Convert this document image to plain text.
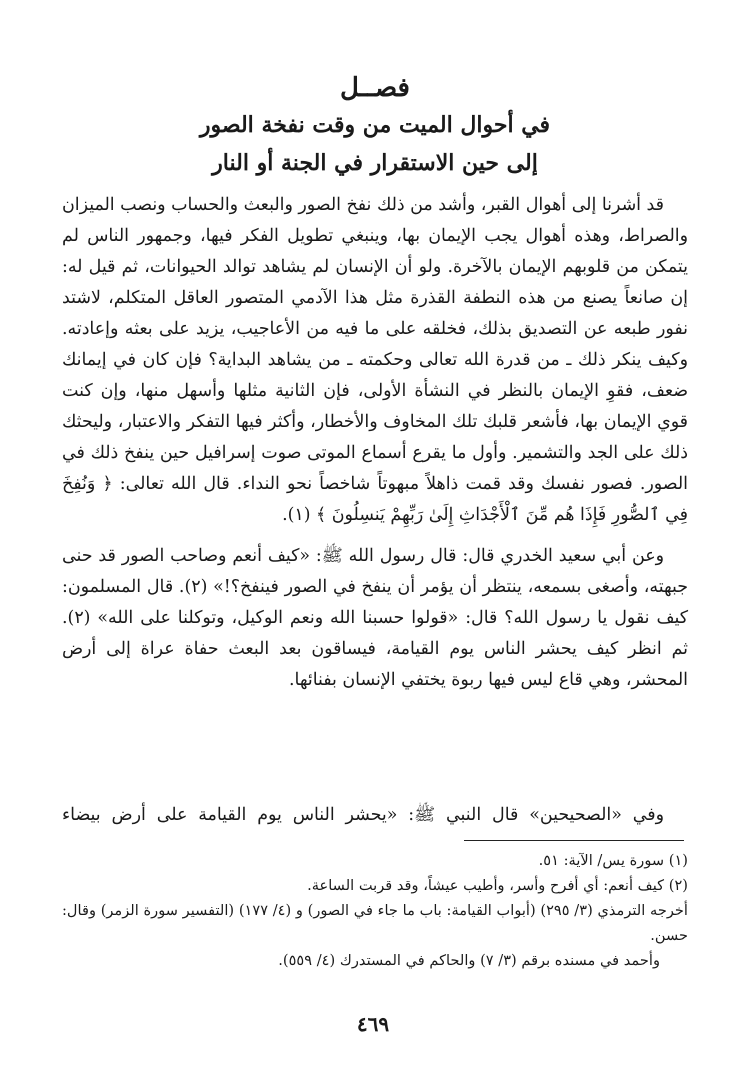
فصــل

في أحوال الميت من وقت نفخة الصور

إلى حين الاستقرار في الجنة أو النار

قد أشرنا إلى أهوال القبر، وأشد من ذلك نفخ الصور والبعث والحساب ونصب الميزان والصراط، وهذه أهوال يجب الإيمان بها، وينبغي تطويل الفكر فيها، وجمهور الناس لم يتمكن من قلوبهم الإيمان بالآخرة. ولو أن الإنسان لم يشاهد توالد الحيوانات، ثم قيل له: إن صانعاً يصنع من هذه النطفة القذرة مثل هذا الآدمي المتصور العاقل المتكلم، لاشتد نفور طبعه عن التصديق بذلك، فخلقه على ما فيه من الأعاجيب، يزيد على بعثه وإعادته. وكيف ينكر ذلك ـ من قدرة الله تعالى وحكمته ـ من يشاهد البداية؟ فإن كان في إيمانك ضعف، فقوِ الإيمان بالنظر في النشأة الأولى، فإن الثانية مثلها وأسهل منها، وإن كنت قوي الإيمان بها، فأشعر قلبك تلك المخاوف والأخطار، وأكثر فيها التفكر والاعتبار، وليحثك ذلك على الجد والتشمير. وأول ما يقرع أسماع الموتى صوت إسرافيل حين ينفخ ذلك في الصور. فصور نفسك وقد قمت ذاهلاً مبهوتاً شاخصاً نحو النداء. قال الله تعالى: ﴿ وَنُفِخَ فِي ٱلصُّورِ فَإِذَا هُم مِّنَ ٱلْأَجْدَاثِ إِلَىٰ رَبِّهِمْ يَنسِلُونَ ﴾ (١).

وعن أبي سعيد الخدري قال: قال رسول الله ﷺ: «كيف أنعم وصاحب الصور قد حنى جبهته، وأصغى بسمعه، ينتظر أن يؤمر أن ينفخ في الصور فينفخ؟!» (٢). قال المسلمون: كيف نقول يا رسول الله؟ قال: «قولوا حسبنا الله ونعم الوكيل، وتوكلنا على الله» (٢). ثم انظر كيف يحشر الناس يوم القيامة، فيساقون بعد البعث حفاة عراة إلى أرض المحشر، وهي قاع ليس فيها ربوة يختفي الإنسان بفنائها.

وفي «الصحيحين» قال النبي ﷺ: «يحشر الناس يوم القيامة على أرض بيضاء

(١) سورة يس/ الآية: ٥١.

(٢) كيف أنعم: أي أفرح وأسر، وأطيب عيشاً، وقد قربت الساعة.

أخرجه الترمذي (٣/ ٢٩٥) (أبواب القيامة: باب ما جاء في الصور) و (٤/ ١٧٧) (التفسير سورة الزمر) وقال: حسن.

وأحمد في مسنده برقم (٣/ ٧) والحاكم في المستدرك (٤/ ٥٥٩).

٤٦٩
